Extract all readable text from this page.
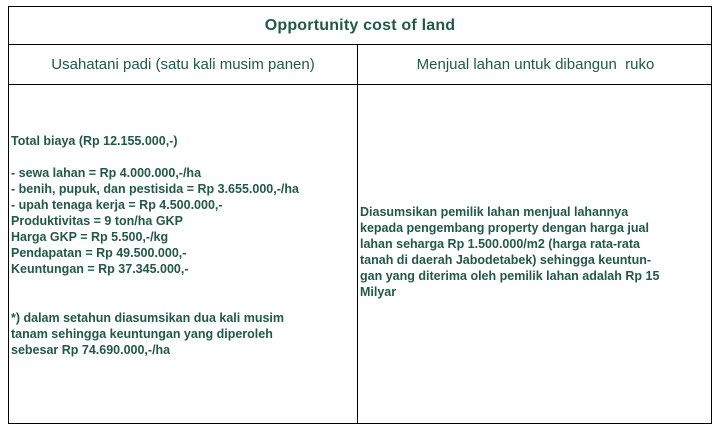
Opportunity cost of land
Usahatani padi (satu kali musim panen)	Menjual lahan untuk dibangun  ruko
Total biaya (Rp 12.155.000,-)
- sewa lahan = Rp 4.000.000,-/ha
- benih, pupuk, dan pestisida = Rp 3.655.000,-/ha
- upah tenaga kerja = Rp 4.500.000,-
Produktivitas = 9 ton/ha GKP
Harga GKP = Rp 5.500,-/kg
Pendapatan = Rp 49.500.000,-
Keuntungan = Rp 37.345.000,-
*) dalam setahun diasumsikan dua kali musim
tanam sehingga keuntungan yang diperoleh
sebesar Rp 74.690.000,-/ha
Diasumsikan pemilik lahan menjual lahannya
kepada pengembang property dengan harga jual
lahan seharga Rp 1.500.000/m2 (harga rata-rata
tanah di daerah Jabodetabek) sehingga keuntun-
gan yang diterima oleh pemilik lahan adalah Rp 15
Milyar
